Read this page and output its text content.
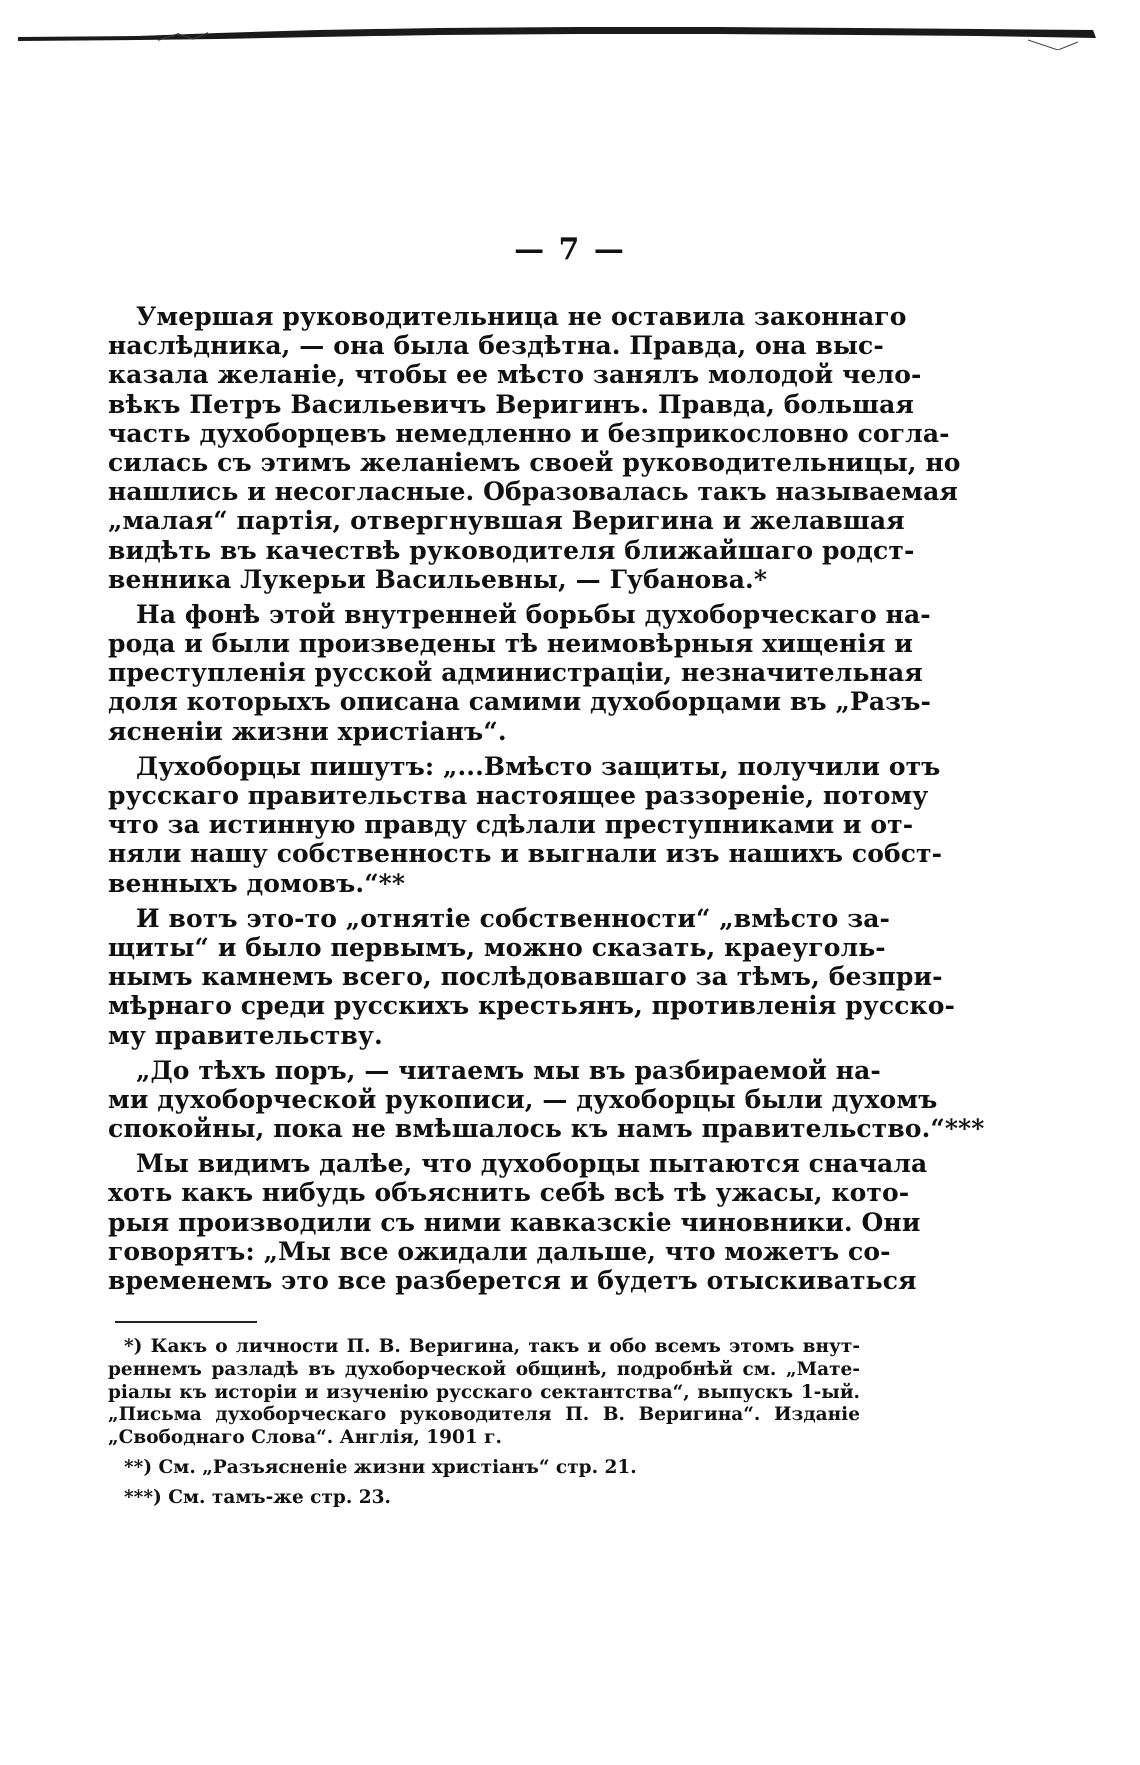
— 7 —
Умершая руководительница не оставила законнаго
наслѣдника, — она была бездѣтна. Правда, она выс-
казала желаніе, чтобы ее мѣсто занялъ молодой чело-
вѣкъ Петръ Васильевичъ Веригинъ. Правда, большая
часть духоборцевъ немедленно и безприкословно согла-
силась съ этимъ желаніемъ своей руководительницы, но
нашлись и несогласные. Образовалась такъ называемая
„малая“ партія, отвергнувшая Веригина и желавшая
видѣть въ качествѣ руководителя ближайшаго родст-
венника Лукерьи Васильевны, — Губанова.*
На фонѣ этой внутренней борьбы духоборческаго на-
рода и были произведены тѣ неимовѣрныя хищенія и
преступленія русской администраціи, незначительная
доля которыхъ описана самими духоборцами въ „Разъ-
ясненіи жизни христіанъ“.
Духоборцы пишутъ: „...Вмѣсто защиты, получили отъ
русскаго правительства настоящее раззореніе, потому
что за истинную правду сдѣлали преступниками и от-
няли нашу собственность и выгнали изъ нашихъ собст-
венныхъ домовъ.“**
И вотъ это-то „отнятіе собственности“ „вмѣсто за-
щиты“ и было первымъ, можно сказать, краеуголь-
нымъ камнемъ всего, послѣдовавшаго за тѣмъ, безпри-
мѣрнаго среди русскихъ крестьянъ, противленія русско-
му правительству.
„До тѣхъ поръ, — читаемъ мы въ разбираемой на-
ми духоборческой рукописи, — духоборцы были духомъ
спокойны, пока не вмѣшалось къ намъ правительство.“***
Мы видимъ далѣе, что духоборцы пытаются сначала
хоть какъ нибудь объяснить себѣ всѣ тѣ ужасы, кото-
рыя производили съ ними кавказскіе чиновники. Они
говорятъ: „Мы все ожидали дальше, что можетъ со-
временемъ это все разберется и будетъ отыскиваться
*) Какъ о личности П. В. Веригина, такъ и обо всемъ этомъ внут-
реннемъ разладѣ въ духоборческой общинѣ, подробнѣй см. „Мате-
ріалы къ исторіи и изученію русскаго сектантства“, выпускъ 1-ый.
„Письма духоборческаго руководителя П. В. Веригина“. Изданіе
„Свободнаго Слова“. Англія, 1901 г.
**) См. „Разъясненіе жизни христіанъ“ стр. 21.
***) См. тамъ-же стр. 23.
